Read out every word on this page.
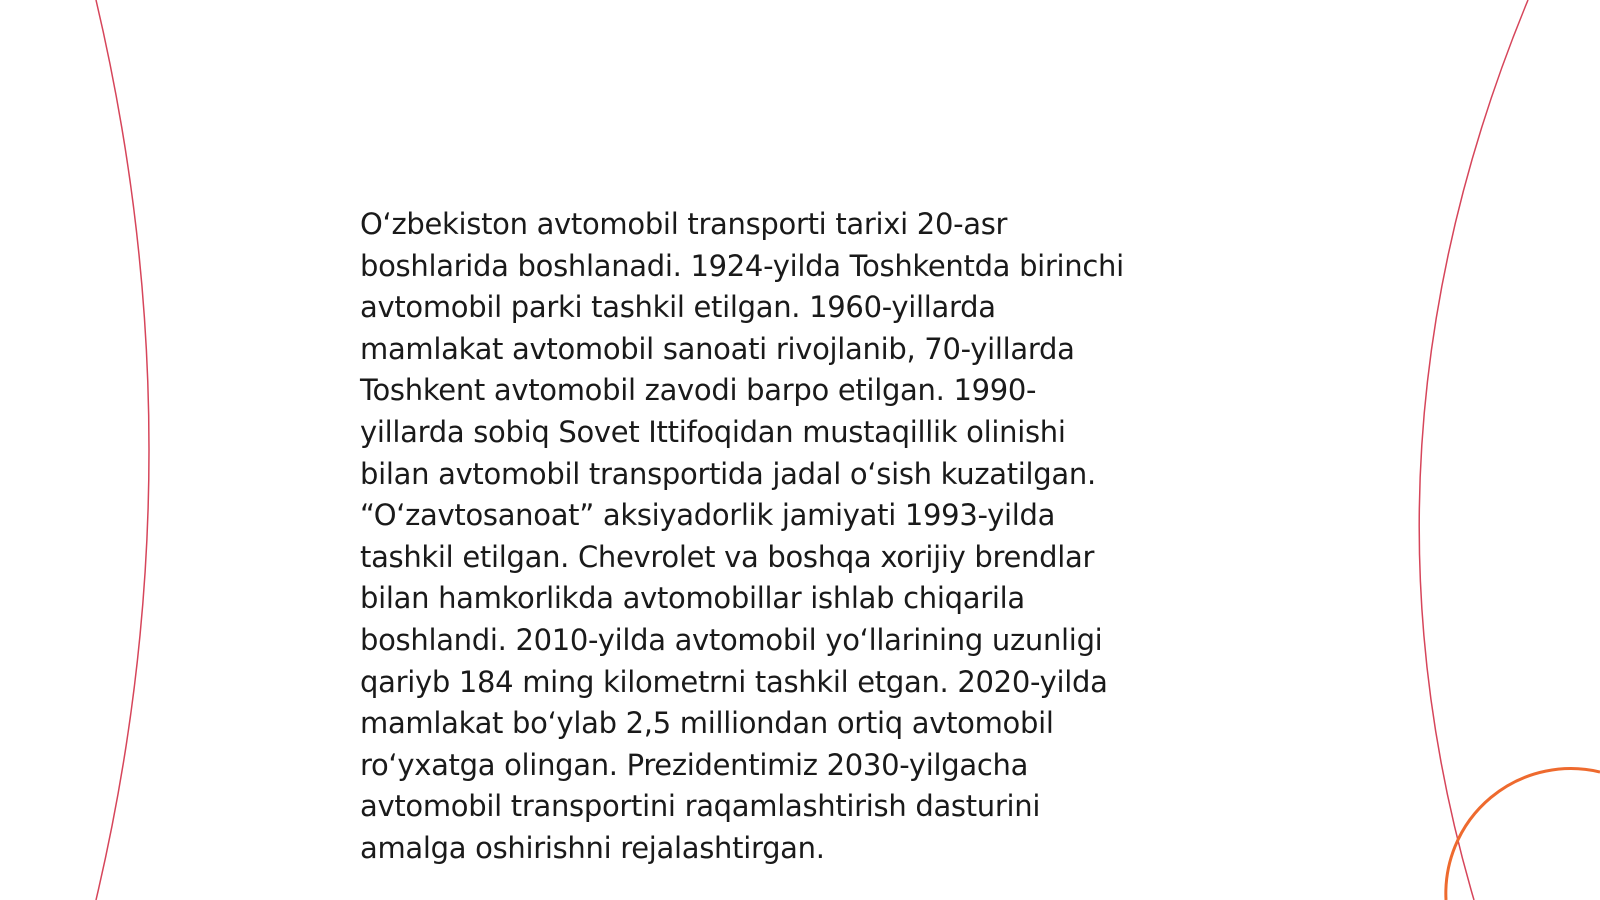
O‘zbekiston avtomobil transporti tarixi 20-asr
boshlarida boshlanadi. 1924-yilda Toshkentda birinchi
avtomobil parki tashkil etilgan. 1960-yillarda
mamlakat avtomobil sanoati rivojlanib, 70-yillarda
Toshkent avtomobil zavodi barpo etilgan. 1990-
yillarda sobiq Sovet Ittifoqidan mustaqillik olinishi
bilan avtomobil transportida jadal o‘sish kuzatilgan.
“O‘zavtosanoat” aksiyadorlik jamiyati 1993-yilda
tashkil etilgan. Chevrolet va boshqa xorijiy brendlar
bilan hamkorlikda avtomobillar ishlab chiqarila
boshlandi. 2010-yilda avtomobil yo‘llarining uzunligi
qariyb 184 ming kilometrni tashkil etgan. 2020-yilda
mamlakat bo‘ylab 2,5 milliondan ortiq avtomobil
ro‘yxatga olingan. Prezidentimiz 2030-yilgacha
avtomobil transportini raqamlashtirish dasturini
amalga oshirishni rejalashtirgan.
